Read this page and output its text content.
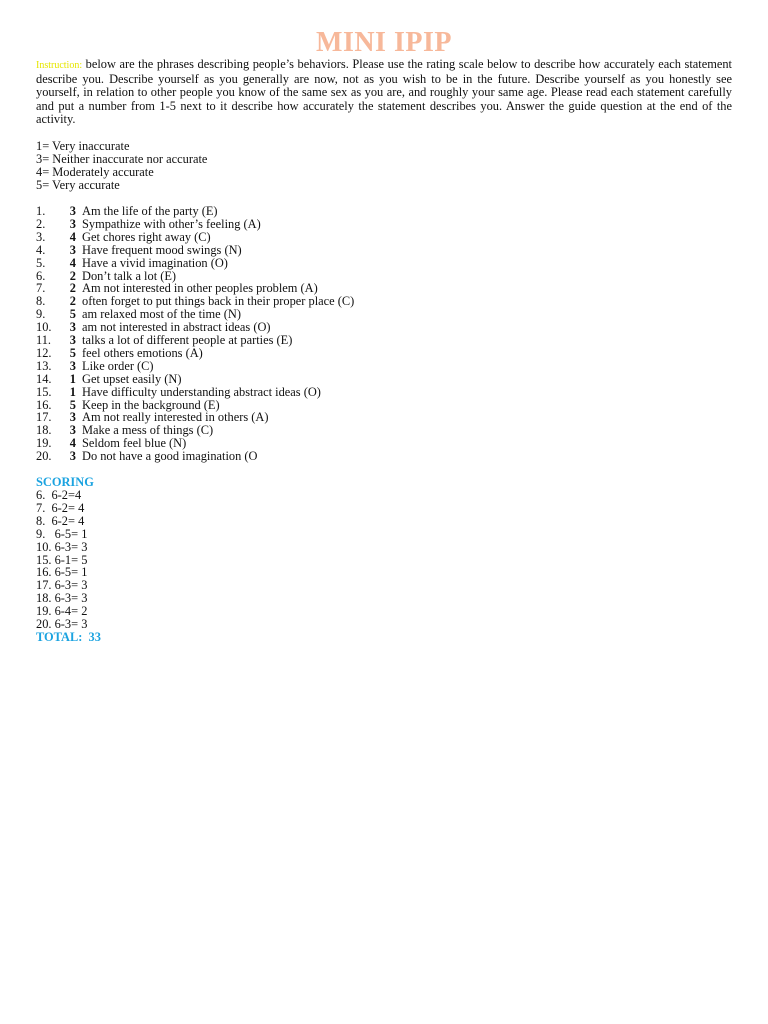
MINI IPIP

Instruction: below are the phrases describing people’s behaviors. Please use the rating scale below to describe how accurately each statement describe you. Describe yourself as you generally are now, not as you wish to be in the future. Describe yourself as you honestly see yourself, in relation to other people you know of the same sex as you are, and roughly your same age. Please read each statement carefully and put a number from 1-5 next to it describe how accurately the statement describes you. Answer the guide question at the end of the activity.

1= Very inaccurate
3= Neither inaccurate nor accurate
4= Moderately accurate
5= Very accurate
1.	3 Am the life of the party (E)
2.	3 Sympathize with other’s feeling (A)
3.	4 Get chores right away (C)
4.	3 Have frequent mood swings (N)
5.	4 Have a vivid imagination (O)
6.	2 Don’t talk a lot (E)
7.	2 Am not interested in other peoples problem (A)
8.	2 often forget to put things back in their proper place (C)
9.	5 am relaxed most of the time (N)
10.	3 am not interested in abstract ideas (O)
11.	3 talks a lot of different people at parties (E)
12.	5 feel others emotions (A)
13.	3 Like order (C)
14.	1 Get upset easily (N)
15.	1 Have difficulty understanding abstract ideas (O)
16.	5 Keep in the background (E)
17.	3 Am not really interested in others (A)
18.	3 Make a mess of things (C)
19.	4 Seldom feel blue (N)
20.	3 Do not have a good imagination (O
SCORING
6.  6-2=4
7.  6-2= 4
8.  6-2= 4
9.   6-5= 1
10. 6-3= 3
15. 6-1= 5
16. 6-5= 1
17. 6-3= 3
18. 6-3= 3
19. 6-4= 2
20. 6-3= 3
TOTAL:  33
